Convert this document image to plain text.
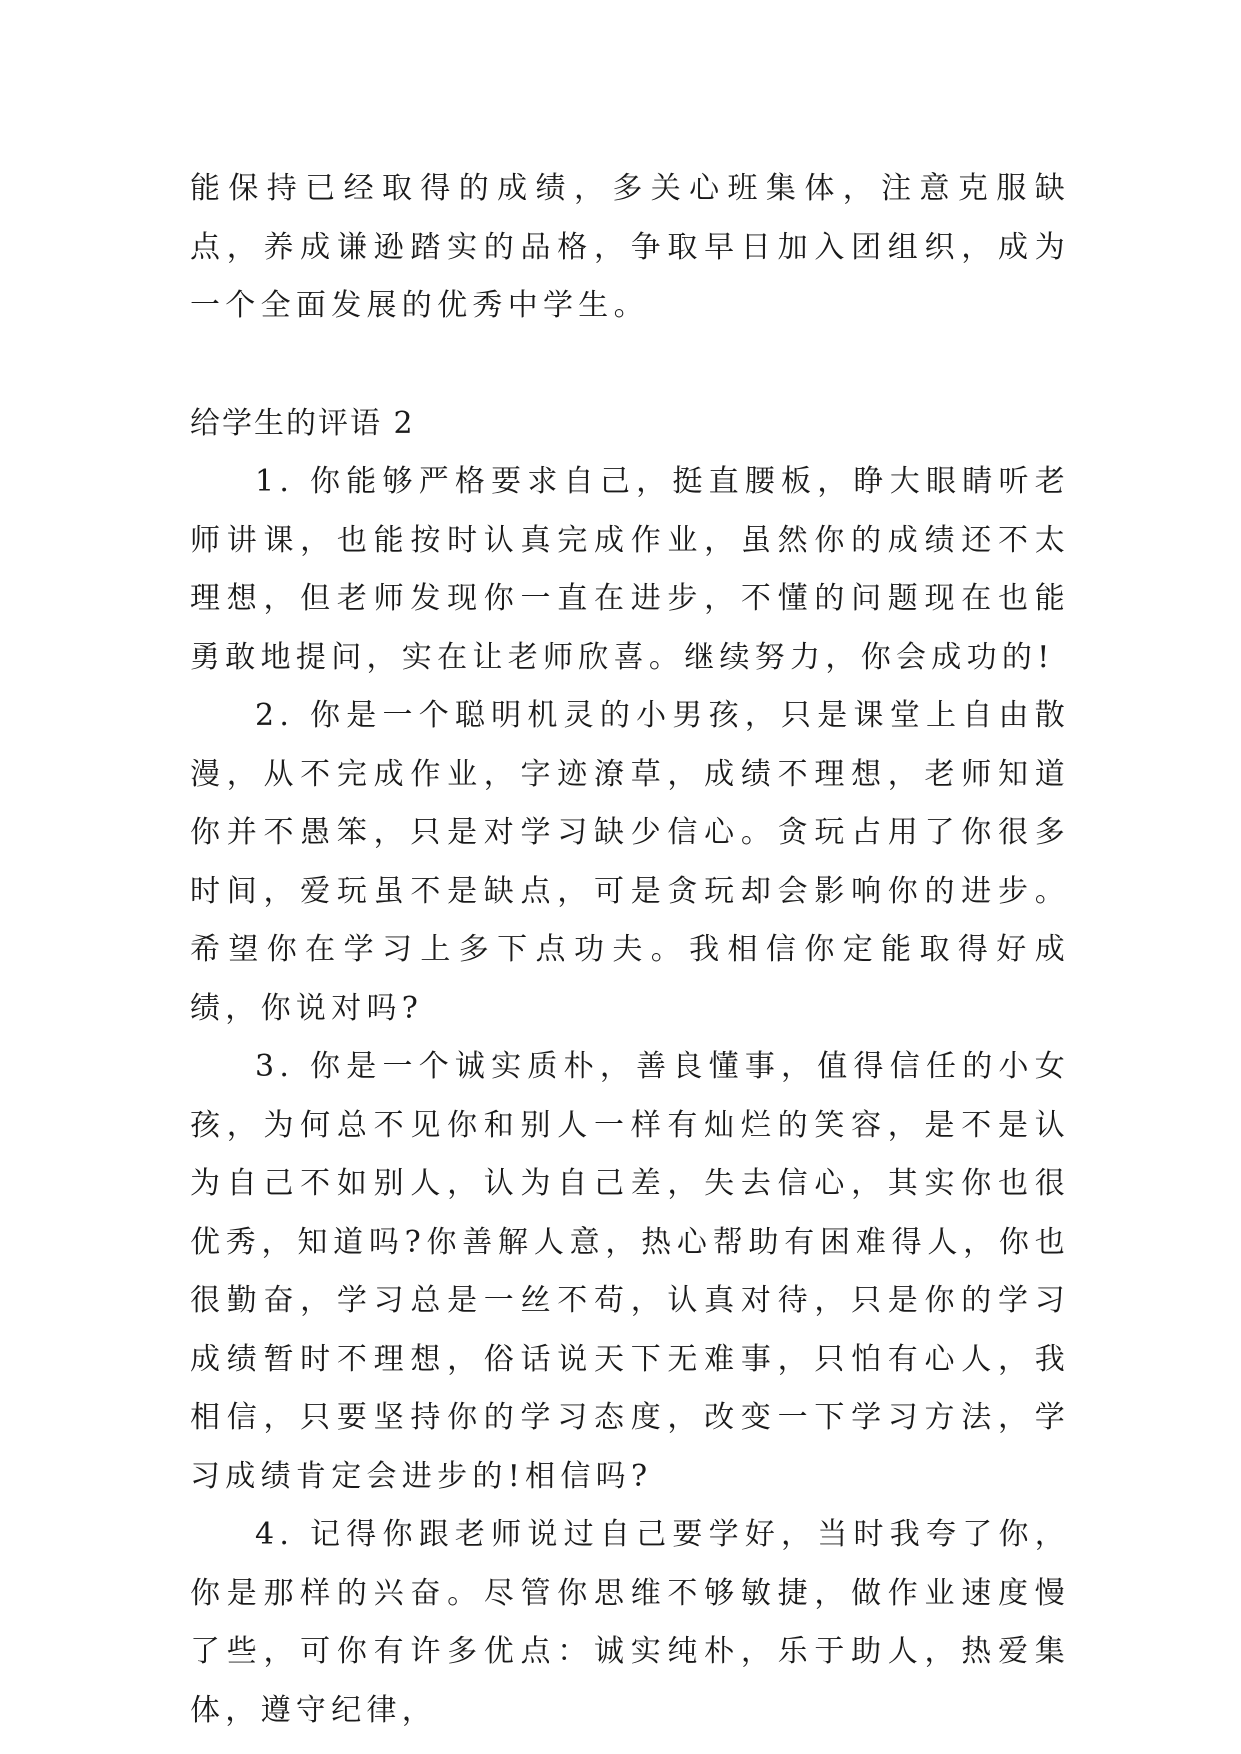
能保持已经取得的成绩，多关心班集体，注意克服缺点，养成谦逊踏实的品格，争取早日加入团组织，成为一个全面发展的优秀中学生。

给学生的评语 2

1. 你能够严格要求自己，挺直腰板，睁大眼睛听老师讲课，也能按时认真完成作业，虽然你的成绩还不太理想，但老师发现你一直在进步，不懂的问题现在也能勇敢地提问，实在让老师欣喜。继续努力，你会成功的!

2. 你是一个聪明机灵的小男孩，只是课堂上自由散漫，从不完成作业，字迹潦草，成绩不理想，老师知道你并不愚笨，只是对学习缺少信心。贪玩占用了你很多时间，爱玩虽不是缺点，可是贪玩却会影响你的进步。希望你在学习上多下点功夫。我相信你定能取得好成绩，你说对吗?

3. 你是一个诚实质朴，善良懂事，值得信任的小女孩，为何总不见你和别人一样有灿烂的笑容，是不是认为自己不如别人，认为自己差，失去信心，其实你也很优秀，知道吗?你善解人意，热心帮助有困难得人，你也很勤奋，学习总是一丝不苟，认真对待，只是你的学习成绩暂时不理想，俗话说天下无难事，只怕有心人，我相信，只要坚持你的学习态度，改变一下学习方法，学习成绩肯定会进步的!相信吗?

4. 记得你跟老师说过自己要学好，当时我夸了你，你是那样的兴奋。尽管你思维不够敏捷，做作业速度慢了些，可你有许多优点：诚实纯朴，乐于助人，热爱集体，遵守纪律，
